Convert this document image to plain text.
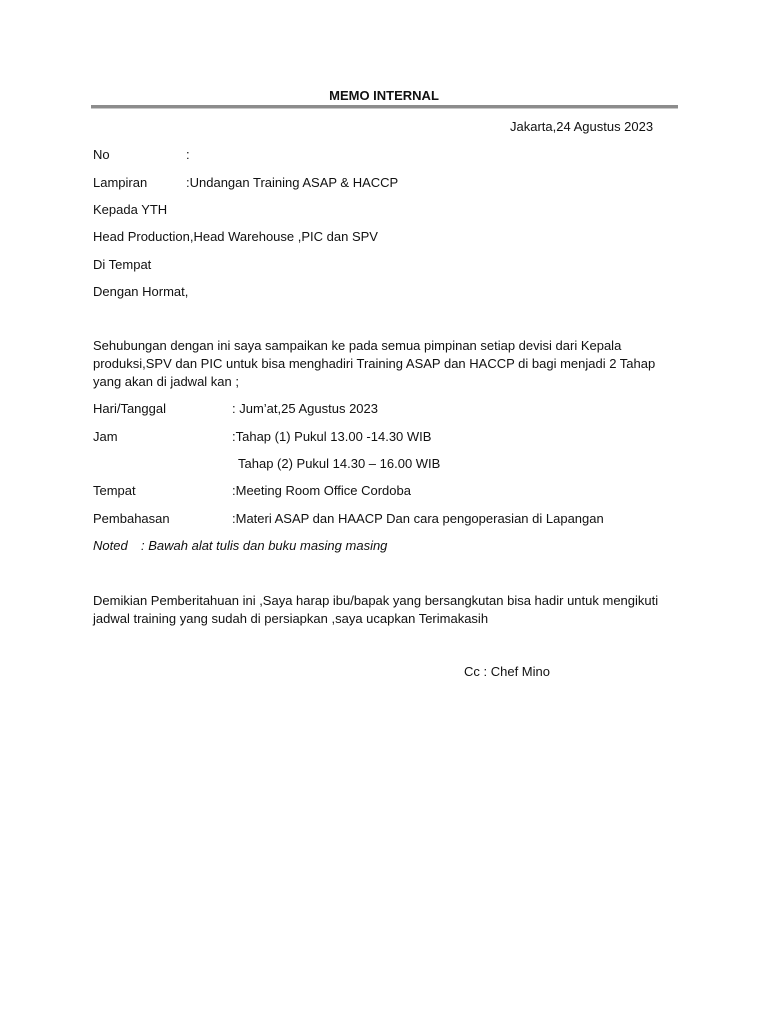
MEMO INTERNAL
Jakarta,24 Agustus 2023
No	:
Lampiran	:Undangan Training ASAP & HACCP
Kepada YTH
Head Production,Head Warehouse ,PIC dan SPV
Di Tempat
Dengan Hormat,
Sehubungan dengan ini saya sampaikan ke pada semua pimpinan setiap devisi dari Kepala produksi,SPV dan PIC untuk bisa menghadiri Training ASAP dan HACCP di bagi menjadi 2 Tahap yang akan di jadwal kan ;
Hari/Tanggal	: Jum’at,25 Agustus 2023
Jam	:Tahap (1) Pukul 13.00 -14.30 WIB
Tahap (2) Pukul 14.30 – 16.00 WIB
Tempat	:Meeting Room Office Cordoba
Pembahasan	:Materi ASAP dan HAACP Dan cara pengoperasian di Lapangan
Noted : Bawah alat tulis dan buku masing masing
Demikian Pemberitahuan ini ,Saya harap ibu/bapak yang bersangkutan bisa hadir untuk mengikuti jadwal training yang sudah di persiapkan ,saya ucapkan Terimakasih
Cc : Chef Mino
